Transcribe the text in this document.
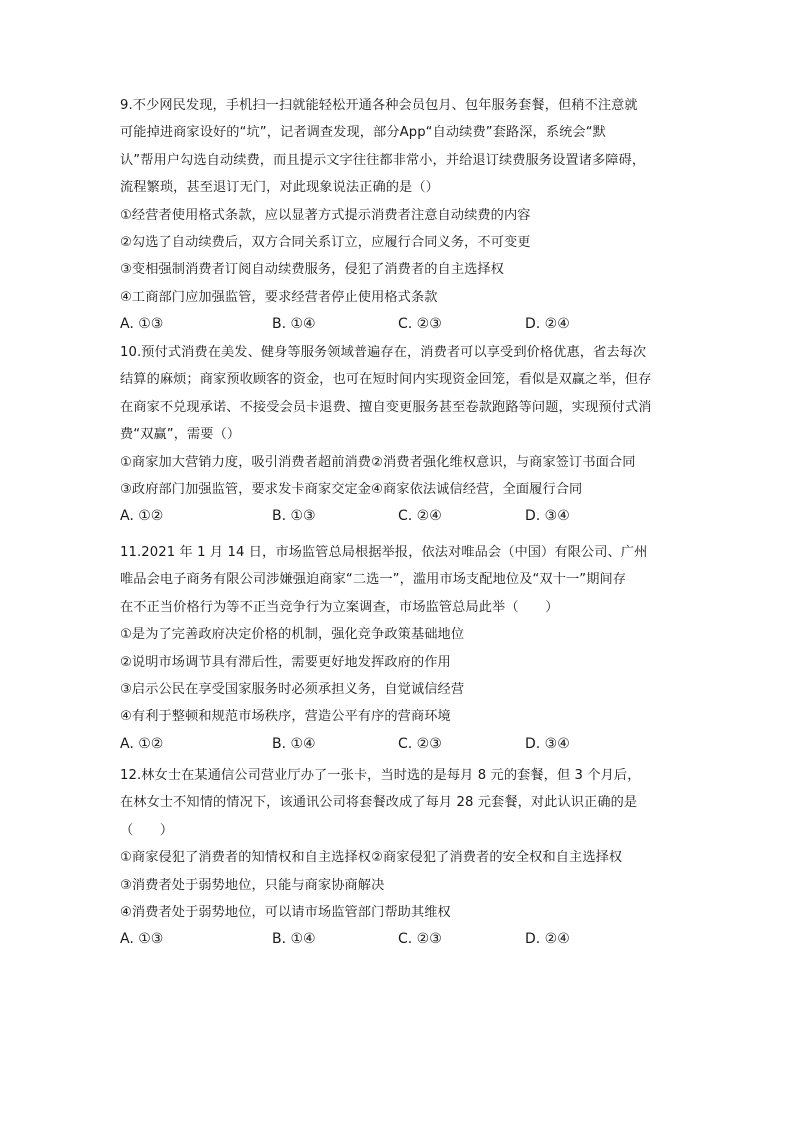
9.不少网民发现，手机扫一扫就能轻松开通各种会员包月、包年服务套餐，但稍不注意就
可能掉进商家设好的“坑”，记者调查发现，部分App“自动续费”套路深，系统会“默
认”帮用户勾选自动续费，而且提示文字往往都非常小，并给退订续费服务设置诸多障碍，
流程繁琐，甚至退订无门，对此现象说法正确的是（）
①经营者使用格式条款，应以显著方式提示消费者注意自动续费的内容
②勾选了自动续费后，双方合同关系订立，应履行合同义务，不可变更
③变相强制消费者订阅自动续费服务，侵犯了消费者的自主选择权
④工商部门应加强监管，要求经营者停止使用格式条款
A. ①③	B. ①④	C. ②③	D. ②④
10.预付式消费在美发、健身等服务领域普遍存在，消费者可以享受到价格优惠，省去每次
结算的麻烦；商家预收顾客的资金，也可在短时间内实现资金回笼，看似是双赢之举，但存
在商家不兑现承诺、不接受会员卡退费、擅自变更服务甚至卷款跑路等问题，实现预付式消
费“双赢”，需要（）
①商家加大营销力度，吸引消费者超前消费②消费者强化维权意识，与商家签订书面合同
③政府部门加强监管，要求发卡商家交定金④商家依法诚信经营，全面履行合同
A. ①②	B. ①③	C. ②④	D. ③④
11.2021 年 1 月 14 日，市场监管总局根据举报，依法对唯品会（中国）有限公司、广州
唯品会电子商务有限公司涉嫌强迫商家“二选一”，滥用市场支配地位及“双十一”期间存
在不正当价格行为等不正当竞争行为立案调查，市场监管总局此举（　　）
①是为了完善政府决定价格的机制，强化竞争政策基础地位
②说明市场调节具有滞后性，需要更好地发挥政府的作用
③启示公民在享受国家服务时必须承担义务，自觉诚信经营
④有利于整顿和规范市场秩序，营造公平有序的营商环境
A. ①②	B. ①④	C. ②③	D. ③④
12.林女士在某通信公司营业厅办了一张卡，当时选的是每月 8 元的套餐，但 3 个月后，
在林女士不知情的情况下，该通讯公司将套餐改成了每月 28 元套餐，对此认识正确的是
（　　）
①商家侵犯了消费者的知情权和自主选择权②商家侵犯了消费者的安全权和自主选择权
③消费者处于弱势地位，只能与商家协商解决
④消费者处于弱势地位，可以请市场监管部门帮助其维权
A. ①③	B. ①④	C. ②③	D. ②④
